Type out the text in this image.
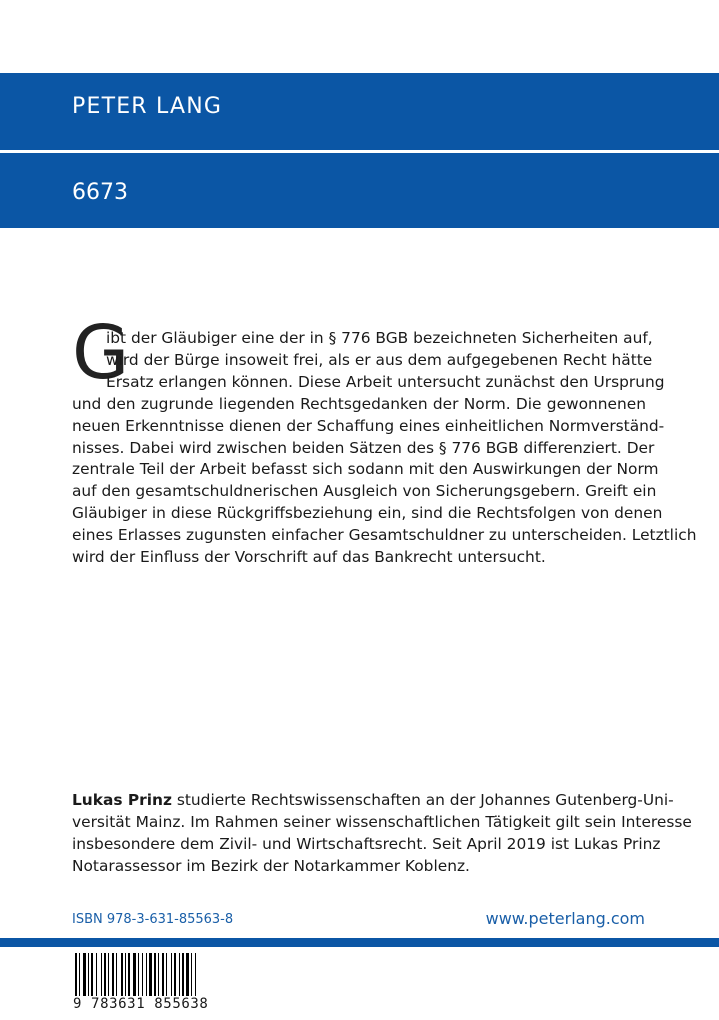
PETER LANG
6673
G
ibt der Gläubiger eine der in § 776 BGB bezeichneten Sicherheiten auf,
wird der Bürge insoweit frei, als er aus dem aufgegebenen Recht hätte
Ersatz erlangen können. Diese Arbeit untersucht zunächst den Ursprung
und den zugrunde liegenden Rechtsgedanken der Norm. Die gewonnenen
neuen Erkenntnisse dienen der Schaffung eines einheitlichen Normverständ-
nisses. Dabei wird zwischen beiden Sätzen des § 776 BGB differenziert. Der
zentrale Teil der Arbeit befasst sich sodann mit den Auswirkungen der Norm
auf den gesamtschuldnerischen Ausgleich von Sicherungsgebern. Greift ein
Gläubiger in diese Rückgriffsbeziehung ein, sind die Rechtsfolgen von denen
eines Erlasses zugunsten einfacher Gesamtschuldner zu unterscheiden. Letztlich
wird der Einfluss der Vorschrift auf das Bankrecht untersucht.
Lukas Prinz studierte Rechtswissenschaften an der Johannes Gutenberg-Uni-
versität Mainz. Im Rahmen seiner wissenschaftlichen Tätigkeit gilt sein Interesse
insbesondere dem Zivil- und Wirtschaftsrecht. Seit April 2019 ist Lukas Prinz
Notarassessor im Bezirk der Notarkammer Koblenz.
ISBN 978-3-631-85563-8	www.peterlang.com
9 783631 855638
